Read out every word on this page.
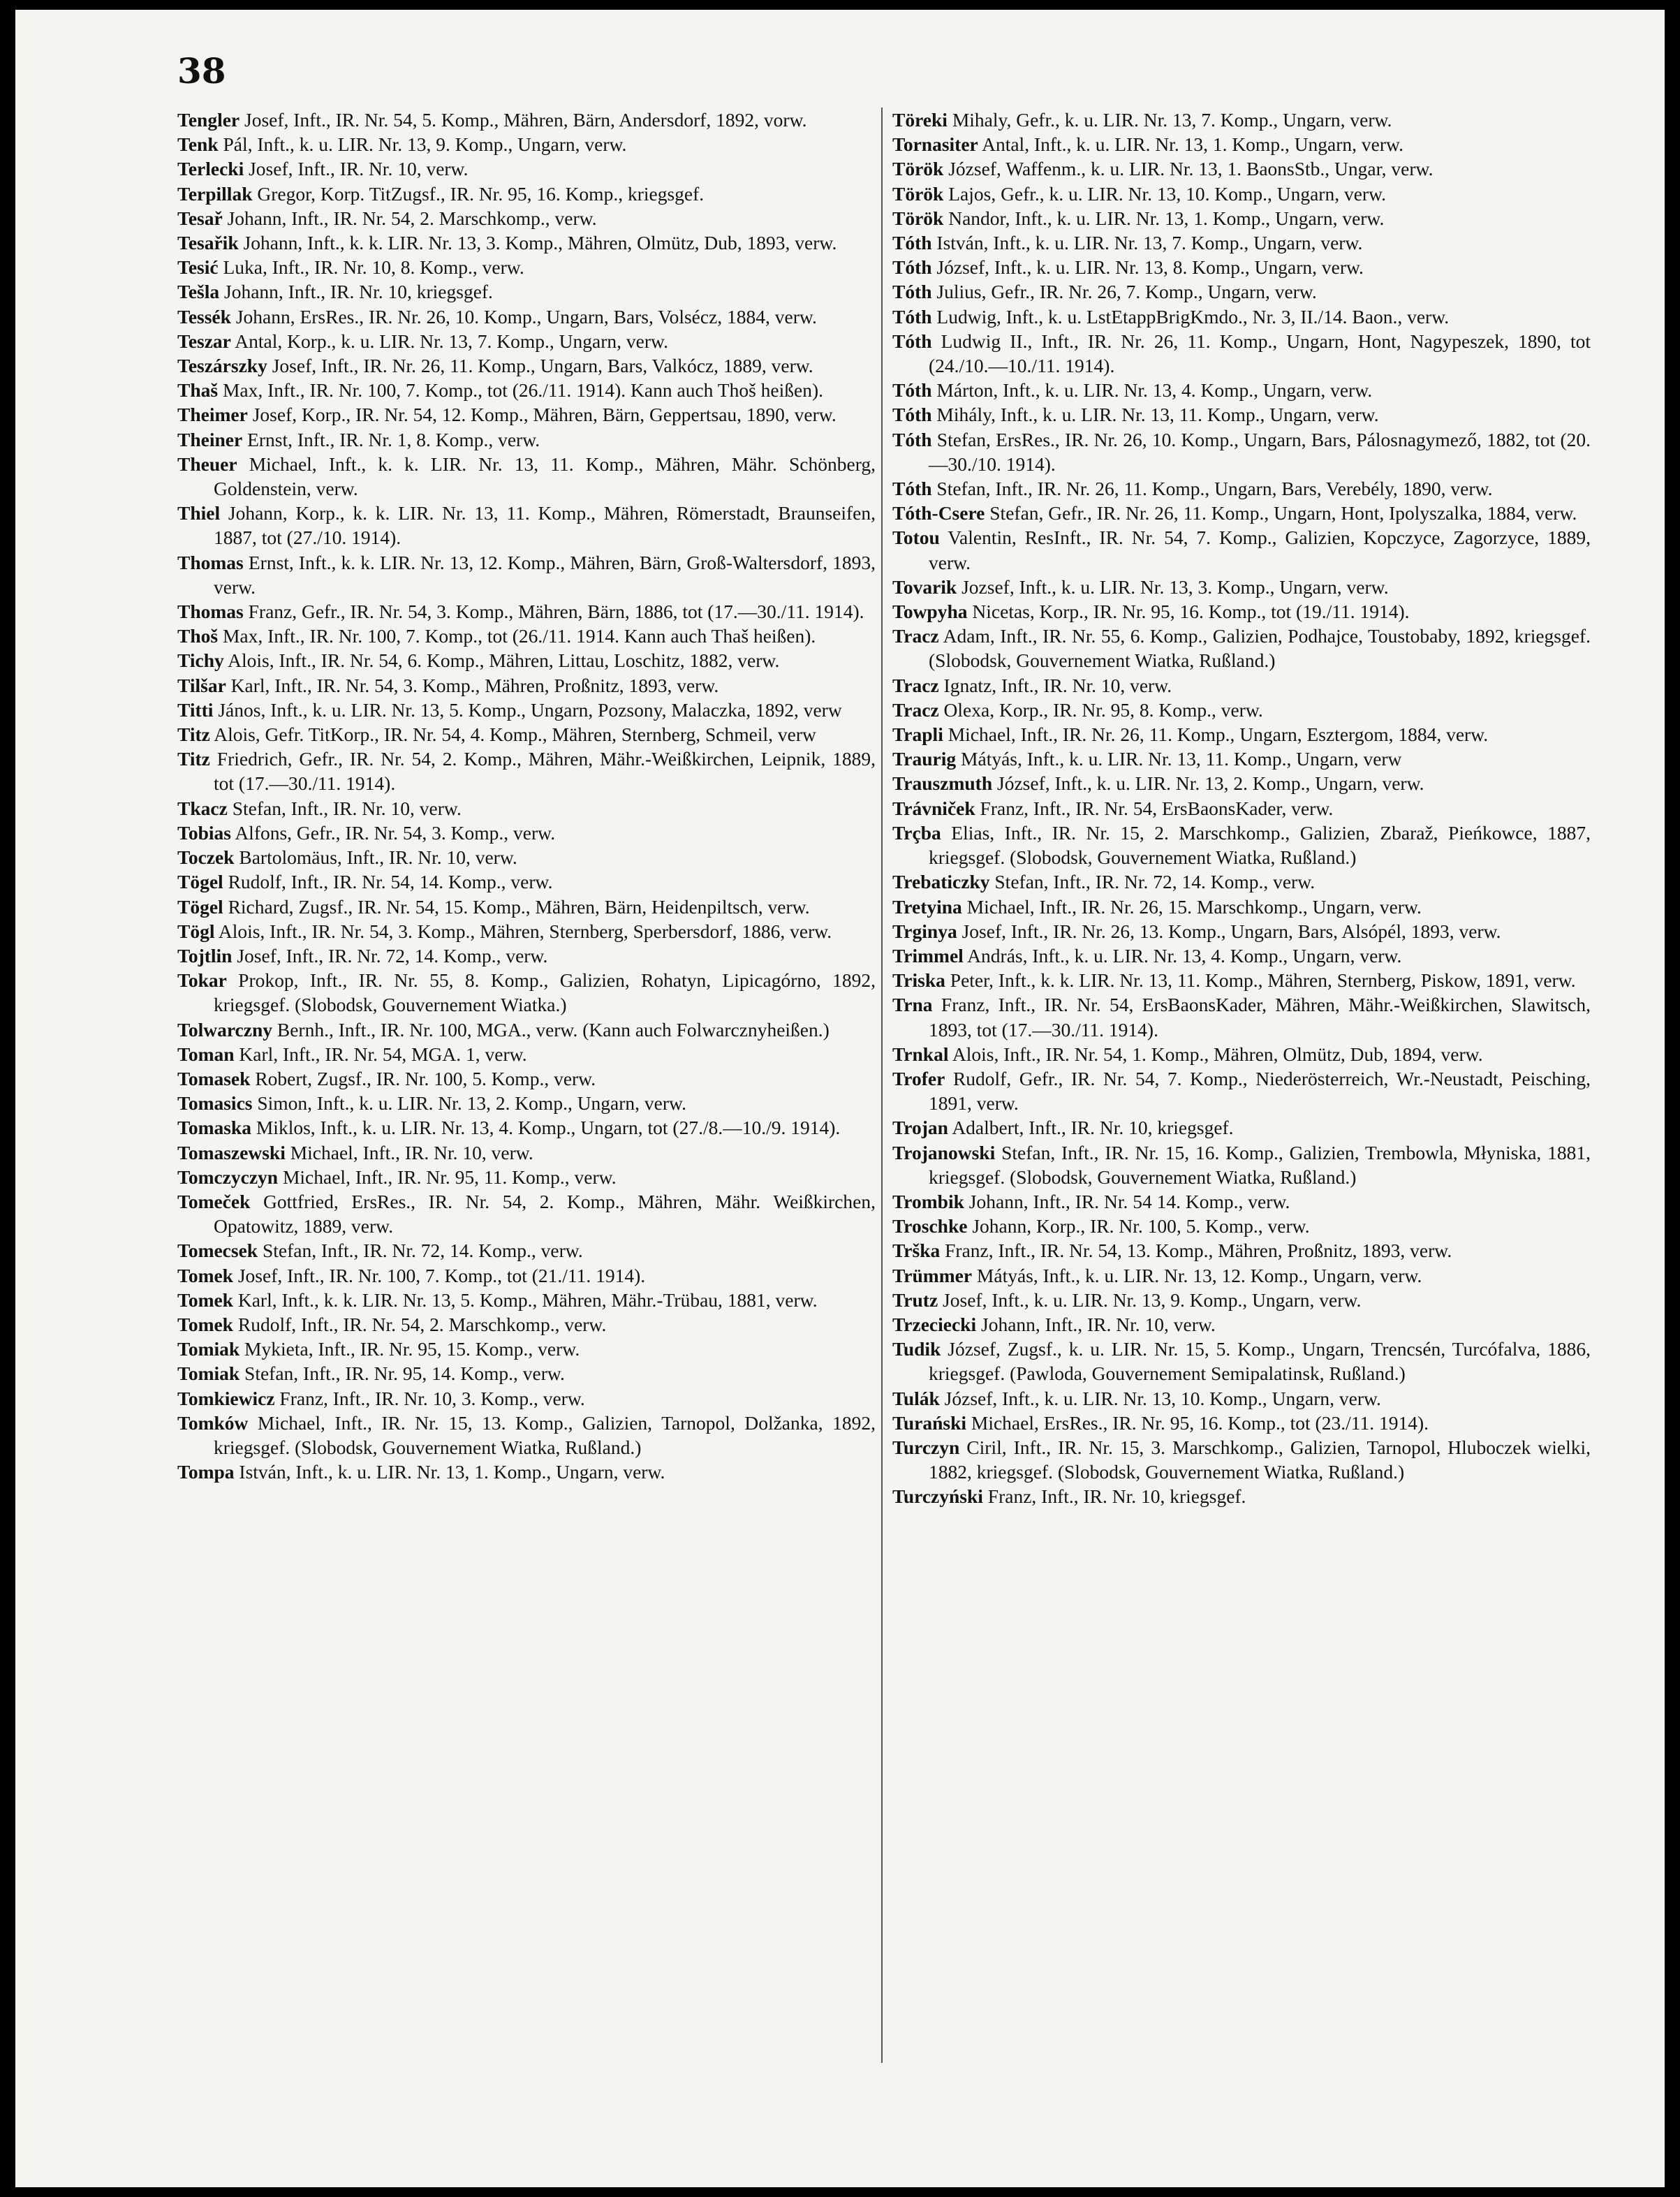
38
Tengler Josef, Inft., IR. Nr. 54, 5. Komp., Mähren, Bärn, Andersdorf, 1892, vorw.
Tenk Pál, Inft., k. u. LIR. Nr. 13, 9. Komp., Ungarn, verw.
Terlecki Josef, Inft., IR. Nr. 10, verw.
Terpillak Gregor, Korp. TitZugsf., IR. Nr. 95, 16. Komp., kriegsgef.
Tesař Johann, Inft., IR. Nr. 54, 2. Marschkomp., verw.
Tesařik Johann, Inft., k. k. LIR. Nr. 13, 3. Komp., Mähren, Olmütz, Dub, 1893, verw.
Tesić Luka, Inft., IR. Nr. 10, 8. Komp., verw.
Tešla Johann, Inft., IR. Nr. 10, kriegsgef.
Tessék Johann, ErsRes., IR. Nr. 26, 10. Komp., Ungarn, Bars, Volsécz, 1884, verw.
Teszar Antal, Korp., k. u. LIR. Nr. 13, 7. Komp., Ungarn, verw.
Teszárszky Josef, Inft., IR. Nr. 26, 11. Komp., Ungarn, Bars, Valkócz, 1889, verw.
Thaš Max, Inft., IR. Nr. 100, 7. Komp., tot (26./11. 1914). Kann auch Thoš heißen).
Theimer Josef, Korp., IR. Nr. 54, 12. Komp., Mähren, Bärn, Geppertsau, 1890, verw.
Theiner Ernst, Inft., IR. Nr. 1, 8. Komp., verw.
Theuer Michael, Inft., k. k. LIR. Nr. 13, 11. Komp., Mähren, Mähr. Schönberg, Goldenstein, verw.
Thiel Johann, Korp., k. k. LIR. Nr. 13, 11. Komp., Mähren, Römerstadt, Braunseifen, 1887, tot (27./10. 1914).
Thomas Ernst, Inft., k. k. LIR. Nr. 13, 12. Komp., Mähren, Bärn, Groß-Waltersdorf, 1893, verw.
Thomas Franz, Gefr., IR. Nr. 54, 3. Komp., Mähren, Bärn, 1886, tot (17.—30./11. 1914).
Thoš Max, Inft., IR. Nr. 100, 7. Komp., tot (26./11. 1914. Kann auch Thaš heißen).
Tichy Alois, Inft., IR. Nr. 54, 6. Komp., Mähren, Littau, Loschitz, 1882, verw.
Tilšar Karl, Inft., IR. Nr. 54, 3. Komp., Mähren, Proßnitz, 1893, verw.
Titti János, Inft., k. u. LIR. Nr. 13, 5. Komp., Ungarn, Pozsony, Malaczka, 1892, verw
Titz Alois, Gefr. TitKorp., IR. Nr. 54, 4. Komp., Mähren, Sternberg, Schmeil, verw
Titz Friedrich, Gefr., IR. Nr. 54, 2. Komp., Mähren, Mähr.-Weißkirchen, Leipnik, 1889, tot (17.—30./11. 1914).
Tkacz Stefan, Inft., IR. Nr. 10, verw.
Tobias Alfons, Gefr., IR. Nr. 54, 3. Komp., verw.
Toczek Bartolomäus, Inft., IR. Nr. 10, verw.
Tögel Rudolf, Inft., IR. Nr. 54, 14. Komp., verw.
Tögel Richard, Zugsf., IR. Nr. 54, 15. Komp., Mähren, Bärn, Heidenpiltsch, verw.
Tögl Alois, Inft., IR. Nr. 54, 3. Komp., Mähren, Sternberg, Sperbersdorf, 1886, verw.
Tojtlin Josef, Inft., IR. Nr. 72, 14. Komp., verw.
Tokar Prokop, Inft., IR. Nr. 55, 8. Komp., Galizien, Rohatyn, Lipicagórno, 1892, kriegsgef. (Slobodsk, Gouvernement Wiatka.)
Tolwarczny Bernh., Inft., IR. Nr. 100, MGA., verw. (Kann auch Folwarcznyheißen.)
Toman Karl, Inft., IR. Nr. 54, MGA. 1, verw.
Tomasek Robert, Zugsf., IR. Nr. 100, 5. Komp., verw.
Tomasics Simon, Inft., k. u. LIR. Nr. 13, 2. Komp., Ungarn, verw.
Tomaska Miklos, Inft., k. u. LIR. Nr. 13, 4. Komp., Ungarn, tot (27./8.—10./9. 1914).
Tomaszewski Michael, Inft., IR. Nr. 10, verw.
Tomczyczyn Michael, Inft., IR. Nr. 95, 11. Komp., verw.
Tomeček Gottfried, ErsRes., IR. Nr. 54, 2. Komp., Mähren, Mähr. Weißkirchen, Opatowitz, 1889, verw.
Tomecsek Stefan, Inft., IR. Nr. 72, 14. Komp., verw.
Tomek Josef, Inft., IR. Nr. 100, 7. Komp., tot (21./11. 1914).
Tomek Karl, Inft., k. k. LIR. Nr. 13, 5. Komp., Mähren, Mähr.-Trübau, 1881, verw.
Tomek Rudolf, Inft., IR. Nr. 54, 2. Marschkomp., verw.
Tomiak Mykieta, Inft., IR. Nr. 95, 15. Komp., verw.
Tomiak Stefan, Inft., IR. Nr. 95, 14. Komp., verw.
Tomkiewicz Franz, Inft., IR. Nr. 10, 3. Komp., verw.
Tomków Michael, Inft., IR. Nr. 15, 13. Komp., Galizien, Tarnopol, Dolžanka, 1892, kriegsgef. (Slobodsk, Gouvernement Wiatka, Rußland.)
Tompa István, Inft., k. u. LIR. Nr. 13, 1. Komp., Ungarn, verw.
Töreki Mihaly, Gefr., k. u. LIR. Nr. 13, 7. Komp., Ungarn, verw.
Tornasiter Antal, Inft., k. u. LIR. Nr. 13, 1. Komp., Ungarn, verw.
Török József, Waffenm., k. u. LIR. Nr. 13, 1. BaonsStb., Ungar, verw.
Török Lajos, Gefr., k. u. LIR. Nr. 13, 10. Komp., Ungarn, verw.
Török Nandor, Inft., k. u. LIR. Nr. 13, 1. Komp., Ungarn, verw.
Tóth István, Inft., k. u. LIR. Nr. 13, 7. Komp., Ungarn, verw.
Tóth József, Inft., k. u. LIR. Nr. 13, 8. Komp., Ungarn, verw.
Tóth Julius, Gefr., IR. Nr. 26, 7. Komp., Ungarn, verw.
Tóth Ludwig, Inft., k. u. LstEtappBrigKmdo., Nr. 3, II./14. Baon., verw.
Tóth Ludwig II., Inft., IR. Nr. 26, 11. Komp., Ungarn, Hont, Nagypeszek, 1890, tot (24./10.—10./11. 1914).
Tóth Márton, Inft., k. u. LIR. Nr. 13, 4. Komp., Ungarn, verw.
Tóth Mihály, Inft., k. u. LIR. Nr. 13, 11. Komp., Ungarn, verw.
Tóth Stefan, ErsRes., IR. Nr. 26, 10. Komp., Ungarn, Bars, Pálosnagymező, 1882, tot (20.—30./10. 1914).
Tóth Stefan, Inft., IR. Nr. 26, 11. Komp., Ungarn, Bars, Verebély, 1890, verw.
Tóth-Csere Stefan, Gefr., IR. Nr. 26, 11. Komp., Ungarn, Hont, Ipolyszalka, 1884, verw.
Totou Valentin, ResInft., IR. Nr. 54, 7. Komp., Galizien, Kopczyce, Zagorzyce, 1889, verw.
Tovarik Jozsef, Inft., k. u. LIR. Nr. 13, 3. Komp., Ungarn, verw.
Towpyha Nicetas, Korp., IR. Nr. 95, 16. Komp., tot (19./11. 1914).
Tracz Adam, Inft., IR. Nr. 55, 6. Komp., Galizien, Podhajce, Toustobaby, 1892, kriegsgef. (Slobodsk, Gouvernement Wiatka, Rußland.)
Tracz Ignatz, Inft., IR. Nr. 10, verw.
Tracz Olexa, Korp., IR. Nr. 95, 8. Komp., verw.
Trapli Michael, Inft., IR. Nr. 26, 11. Komp., Ungarn, Esztergom, 1884, verw.
Traurig Mátyás, Inft., k. u. LIR. Nr. 13, 11. Komp., Ungarn, verw
Trauszmuth József, Inft., k. u. LIR. Nr. 13, 2. Komp., Ungarn, verw.
Trávniček Franz, Inft., IR. Nr. 54, ErsBaonsKader, verw.
Trçba Elias, Inft., IR. Nr. 15, 2. Marschkomp., Galizien, Zbaraž, Pieńkowce, 1887, kriegsgef. (Slobodsk, Gouvernement Wiatka, Rußland.)
Trebaticzky Stefan, Inft., IR. Nr. 72, 14. Komp., verw.
Tretyina Michael, Inft., IR. Nr. 26, 15. Marschkomp., Ungarn, verw.
Trginya Josef, Inft., IR. Nr. 26, 13. Komp., Ungarn, Bars, Alsópél, 1893, verw.
Trimmel András, Inft., k. u. LIR. Nr. 13, 4. Komp., Ungarn, verw.
Triska Peter, Inft., k. k. LIR. Nr. 13, 11. Komp., Mähren, Sternberg, Piskow, 1891, verw.
Trna Franz, Inft., IR. Nr. 54, ErsBaonsKader, Mähren, Mähr.-Weißkirchen, Slawitsch, 1893, tot (17.—30./11. 1914).
Trnkal Alois, Inft., IR. Nr. 54, 1. Komp., Mähren, Olmütz, Dub, 1894, verw.
Trofer Rudolf, Gefr., IR. Nr. 54, 7. Komp., Niederösterreich, Wr.-Neustadt, Peisching, 1891, verw.
Trojan Adalbert, Inft., IR. Nr. 10, kriegsgef.
Trojanowski Stefan, Inft., IR. Nr. 15, 16. Komp., Galizien, Trembowla, Młyniska, 1881, kriegsgef. (Slobodsk, Gouvernement Wiatka, Rußland.)
Trombik Johann, Inft., IR. Nr. 54 14. Komp., verw.
Troschke Johann, Korp., IR. Nr. 100, 5. Komp., verw.
Trška Franz, Inft., IR. Nr. 54, 13. Komp., Mähren, Proßnitz, 1893, verw.
Trümmer Mátyás, Inft., k. u. LIR. Nr. 13, 12. Komp., Ungarn, verw.
Trutz Josef, Inft., k. u. LIR. Nr. 13, 9. Komp., Ungarn, verw.
Trzeciecki Johann, Inft., IR. Nr. 10, verw.
Tudik József, Zugsf., k. u. LIR. Nr. 15, 5. Komp., Ungarn, Trencsén, Turcófalva, 1886, kriegsgef. (Pawloda, Gouvernement Semipalatinsk, Rußland.)
Tulák József, Inft., k. u. LIR. Nr. 13, 10. Komp., Ungarn, verw.
Turański Michael, ErsRes., IR. Nr. 95, 16. Komp., tot (23./11. 1914).
Turczyn Ciril, Inft., IR. Nr. 15, 3. Marschkomp., Galizien, Tarnopol, Hluboczek wielki, 1882, kriegsgef. (Slobodsk, Gouvernement Wiatka, Rußland.)
Turczyński Franz, Inft., IR. Nr. 10, kriegsgef.
